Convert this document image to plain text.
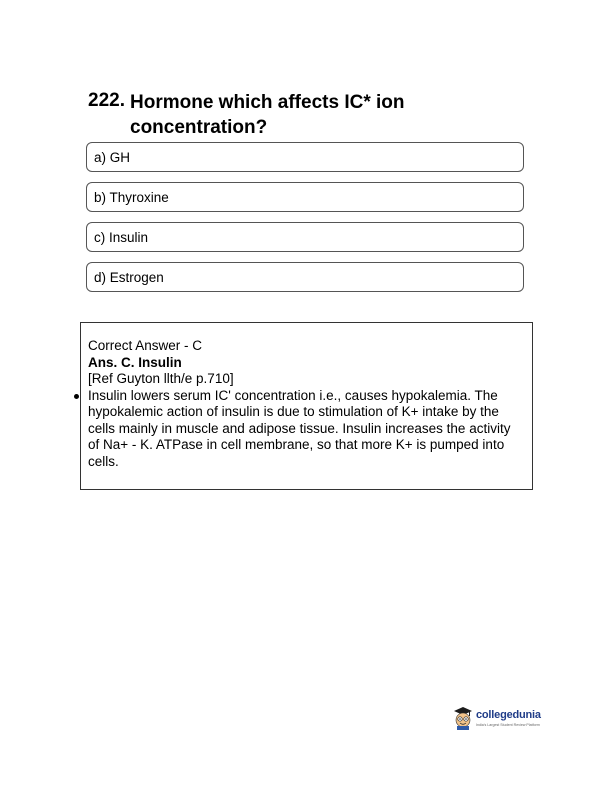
222. Hormone which affects IC* ion concentration?
a) GH
b) Thyroxine
c) Insulin
d) Estrogen
Correct Answer - C
Ans. C. Insulin
[Ref Guyton llth/e p.710]
Insulin lowers serum IC' concentration i.e., causes hypokalemia. The hypokalemic action of insulin is due to stimulation of K+ intake by the cells mainly in muscle and adipose tissue. Insulin increases the activity of Na+ - K. ATPase in cell membrane, so that more K+ is pumped into cells.
collegedunia
India's Largest Student Review Platform
